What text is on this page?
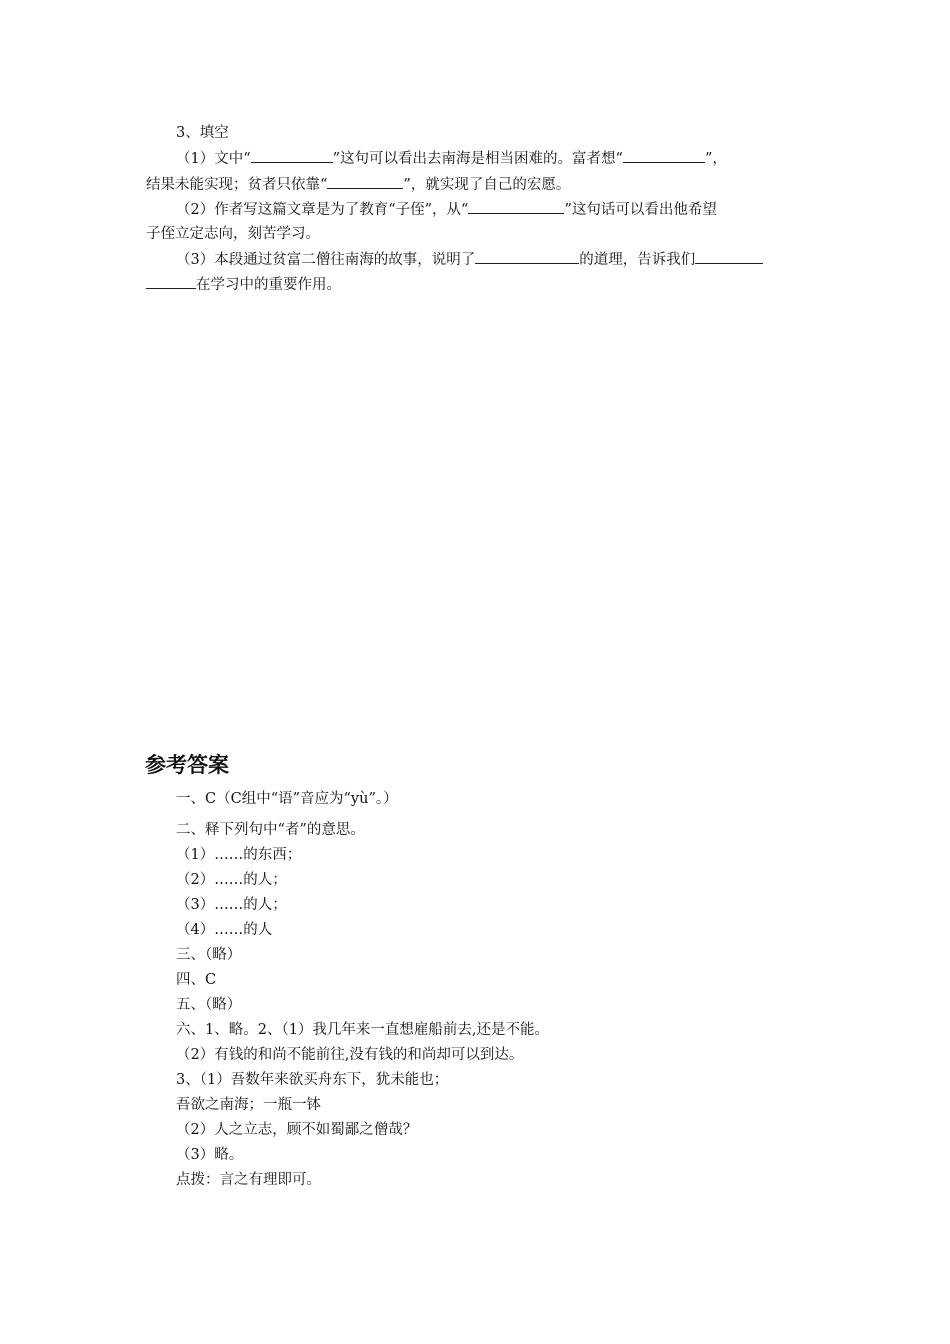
3、填空

（1）文中“	”这句可以看出去南海是相当困难的。富者想“	”，

结果未能实现；贫者只依靠“	”，就实现了自己的宏愿。

（2）作者写这篇文章是为了教育“子侄”，从“	”这句话可以看出他希望

子侄立定志向，刻苦学习。

（3）本段通过贫富二僧往南海的故事，说明了	的道理，告诉我们

在学习中的重要作用。

参考答案

一、C（C组中“语”音应为“yù”。）

二、释下列句中“者”的意思。

（1）……的东西；

（2）……的人；

（3）……的人；

（4）……的人

三、（略）

四、C

五、（略）

六、1、略。2、（1）我几年来一直想雇船前去,还是不能。

（2）有钱的和尚不能前往,没有钱的和尚却可以到达。

3、（1）吾数年来欲买舟东下，犹未能也；

吾欲之南海；一瓶一钵

（2）人之立志，顾不如蜀鄙之僧哉？

（3）略。

点拨：言之有理即可。
